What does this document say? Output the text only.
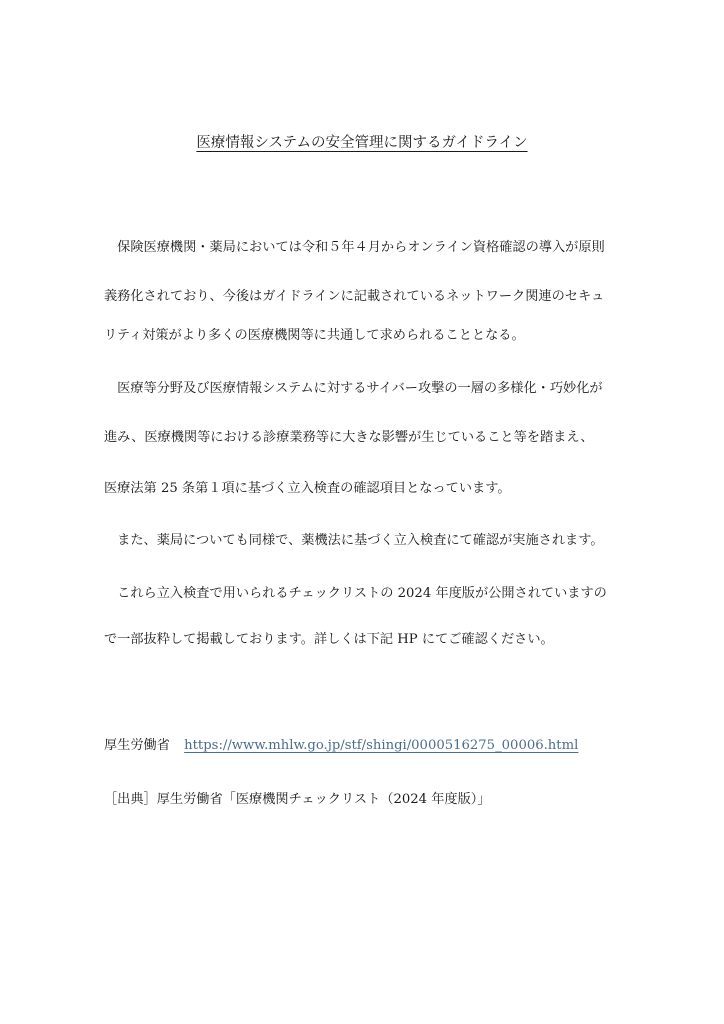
医療情報システムの安全管理に関するガイドライン
　保険医療機関・薬局においては令和５年４月からオンライン資格確認の導入が原則
義務化されており、今後はガイドラインに記載されているネットワーク関連のセキュ
リティ対策がより多くの医療機関等に共通して求められることとなる。
　医療等分野及び医療情報システムに対するサイバー攻撃の一層の多様化・巧妙化が
進み、医療機関等における診療業務等に大きな影響が生じていること等を踏まえ、
医療法第 25 条第１項に基づく立入検査の確認項目となっています。
　また、薬局についても同様で、薬機法に基づく立入検査にて確認が実施されます。
　これら立入検査で用いられるチェックリストの 2024 年度版が公開されていますの
で一部抜粋して掲載しております。詳しくは下記 HP にてご確認ください。
厚生労働省 https://www.mhlw.go.jp/stf/shingi/0000516275_00006.html
［出典］厚生労働省「医療機関チェックリスト（2024 年度版）」
